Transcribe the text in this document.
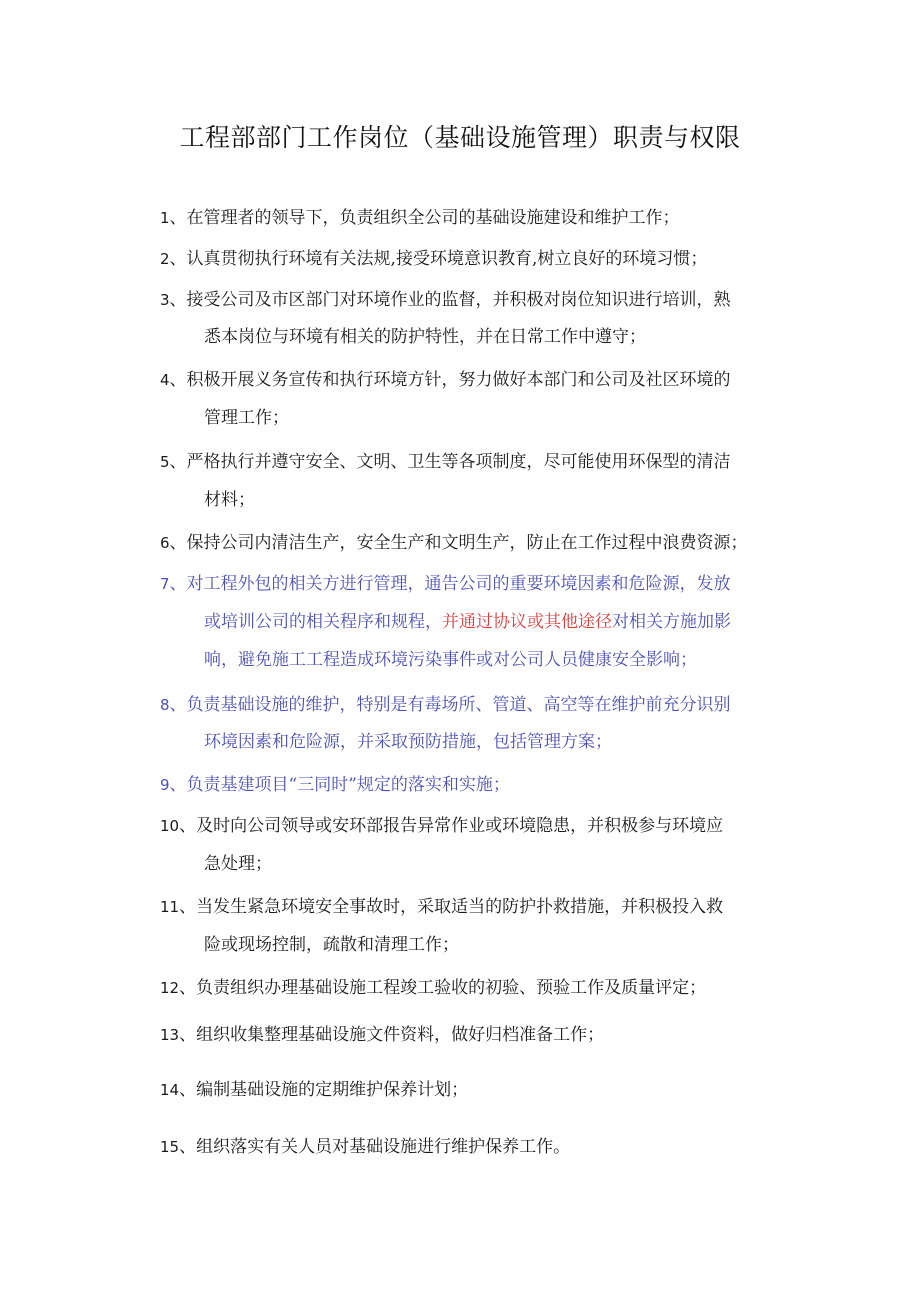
工程部部门工作岗位（基础设施管理）职责与权限
1、在管理者的领导下，负责组织全公司的基础设施建设和维护工作；
2、认真贯彻执行环境有关法规,接受环境意识教育,树立良好的环境习惯；
3、接受公司及市区部门对环境作业的监督，并积极对岗位知识进行培训，熟
悉本岗位与环境有相关的防护特性，并在日常工作中遵守；
4、积极开展义务宣传和执行环境方针，努力做好本部门和公司及社区环境的
管理工作；
5、严格执行并遵守安全、文明、卫生等各项制度，尽可能使用环保型的清洁
材料；
6、保持公司内清洁生产，安全生产和文明生产，防止在工作过程中浪费资源；
7、对工程外包的相关方进行管理，通告公司的重要环境因素和危险源，发放
或培训公司的相关程序和规程，并通过协议或其他途径对相关方施加影
响，避免施工工程造成环境污染事件或对公司人员健康安全影响；
8、负责基础设施的维护，特别是有毒场所、管道、高空等在维护前充分识别
环境因素和危险源，并采取预防措施，包括管理方案；
9、负责基建项目“三同时”规定的落实和实施；
10、及时向公司领导或安环部报告异常作业或环境隐患，并积极参与环境应
急处理；
11、当发生紧急环境安全事故时，采取适当的防护扑救措施，并积极投入救
险或现场控制，疏散和清理工作；
12、负责组织办理基础设施工程竣工验收的初验、预验工作及质量评定；
13、组织收集整理基础设施文件资料，做好归档准备工作；
14、编制基础设施的定期维护保养计划；
15、组织落实有关人员对基础设施进行维护保养工作。
